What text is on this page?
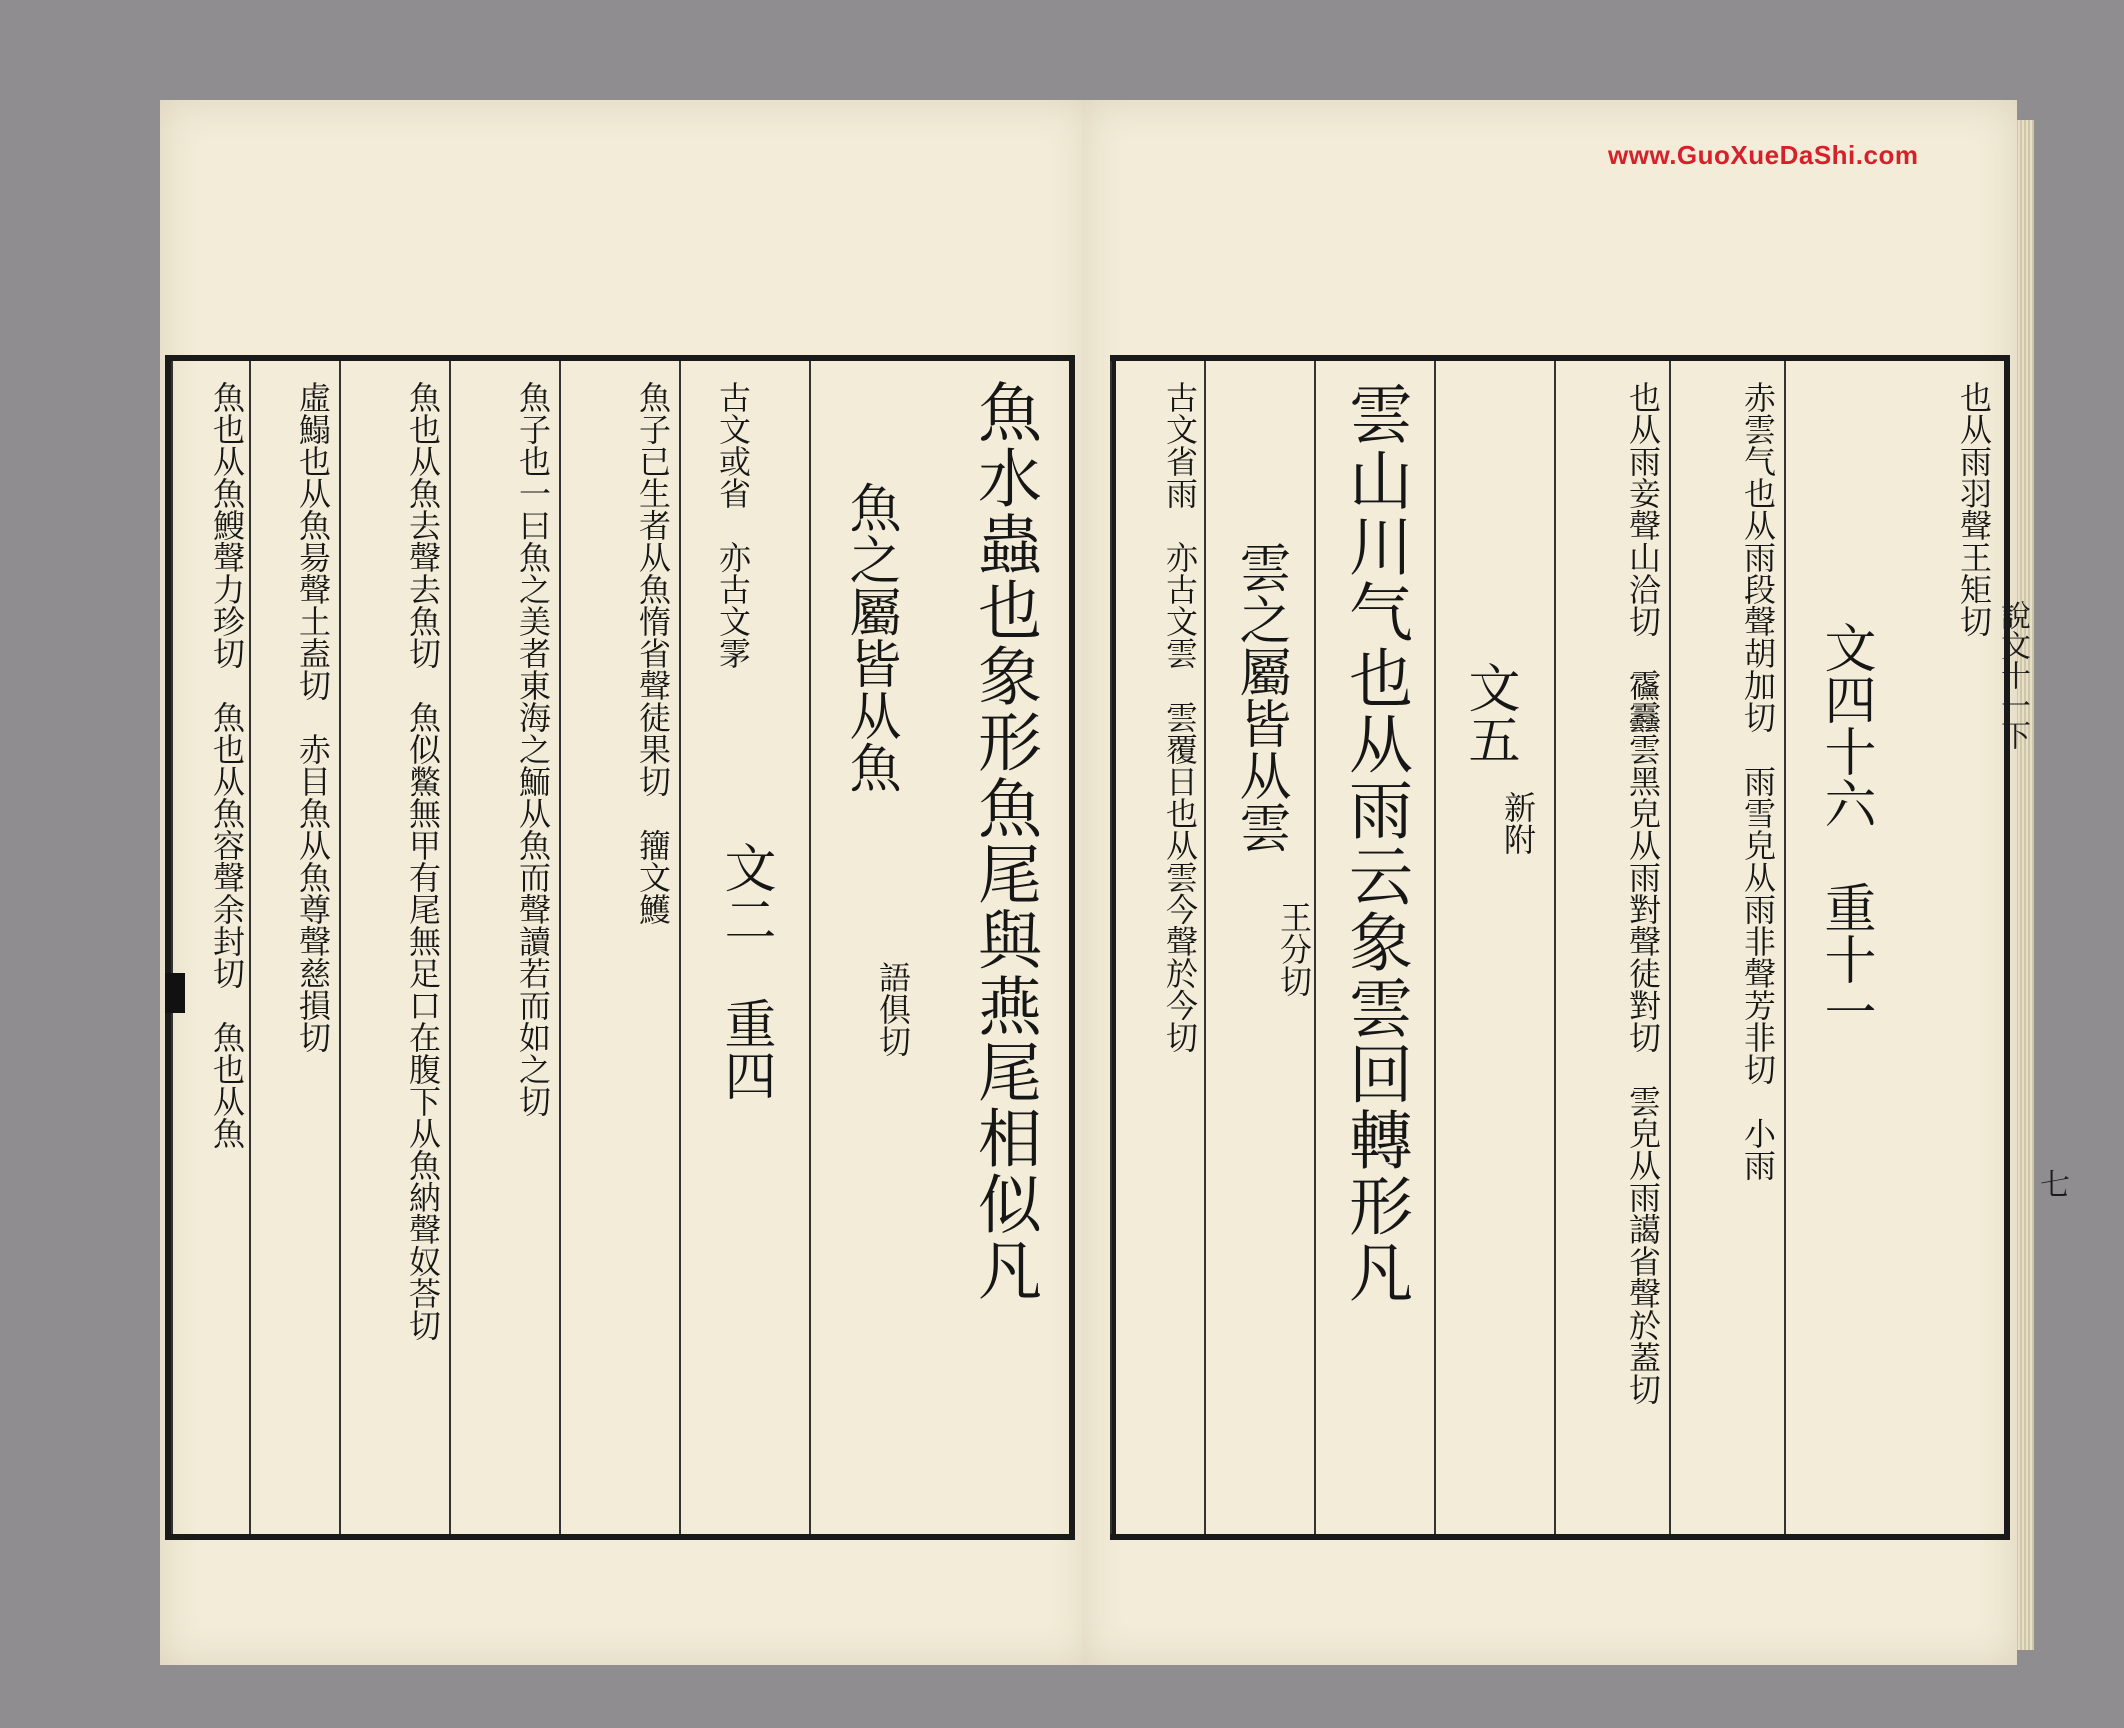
www.GuoXueDaShi.com
魚水蟲也象形魚尾與燕尾相似凡
魚之屬皆从魚
語俱切
文二　重四
古文或省　亦古文雺
魚子已生者从魚惰省聲徒果切　籒文鱯
魚子也一曰魚之美者東海之鮞从魚而聲讀若而如之切
魚也从魚去聲去魚切　魚似鱉無甲有尾無足口在腹下从魚納聲奴荅切
虛鰨也从魚昜聲土盍切　赤目魚从魚尊聲慈損切
魚也从魚䱸聲力珍切　魚也从魚容聲余封切　魚也从魚	也从雨羽聲王矩切
文四十六　重十一
赤雲气也从雨段聲胡加切　雨雪皃从雨非聲芳非切　小雨
也从雨妾聲山洽切　䨹䨺雲黑皃从雨對聲徒對切　雲皃从雨譪省聲於蓋切
文五
新附
雲山川气也从雨云象雲回轉形凡
雲之屬皆从雲
王分切
古文省雨　亦古文雲　雲覆日也从雲今聲於今切	說文十一下
七
